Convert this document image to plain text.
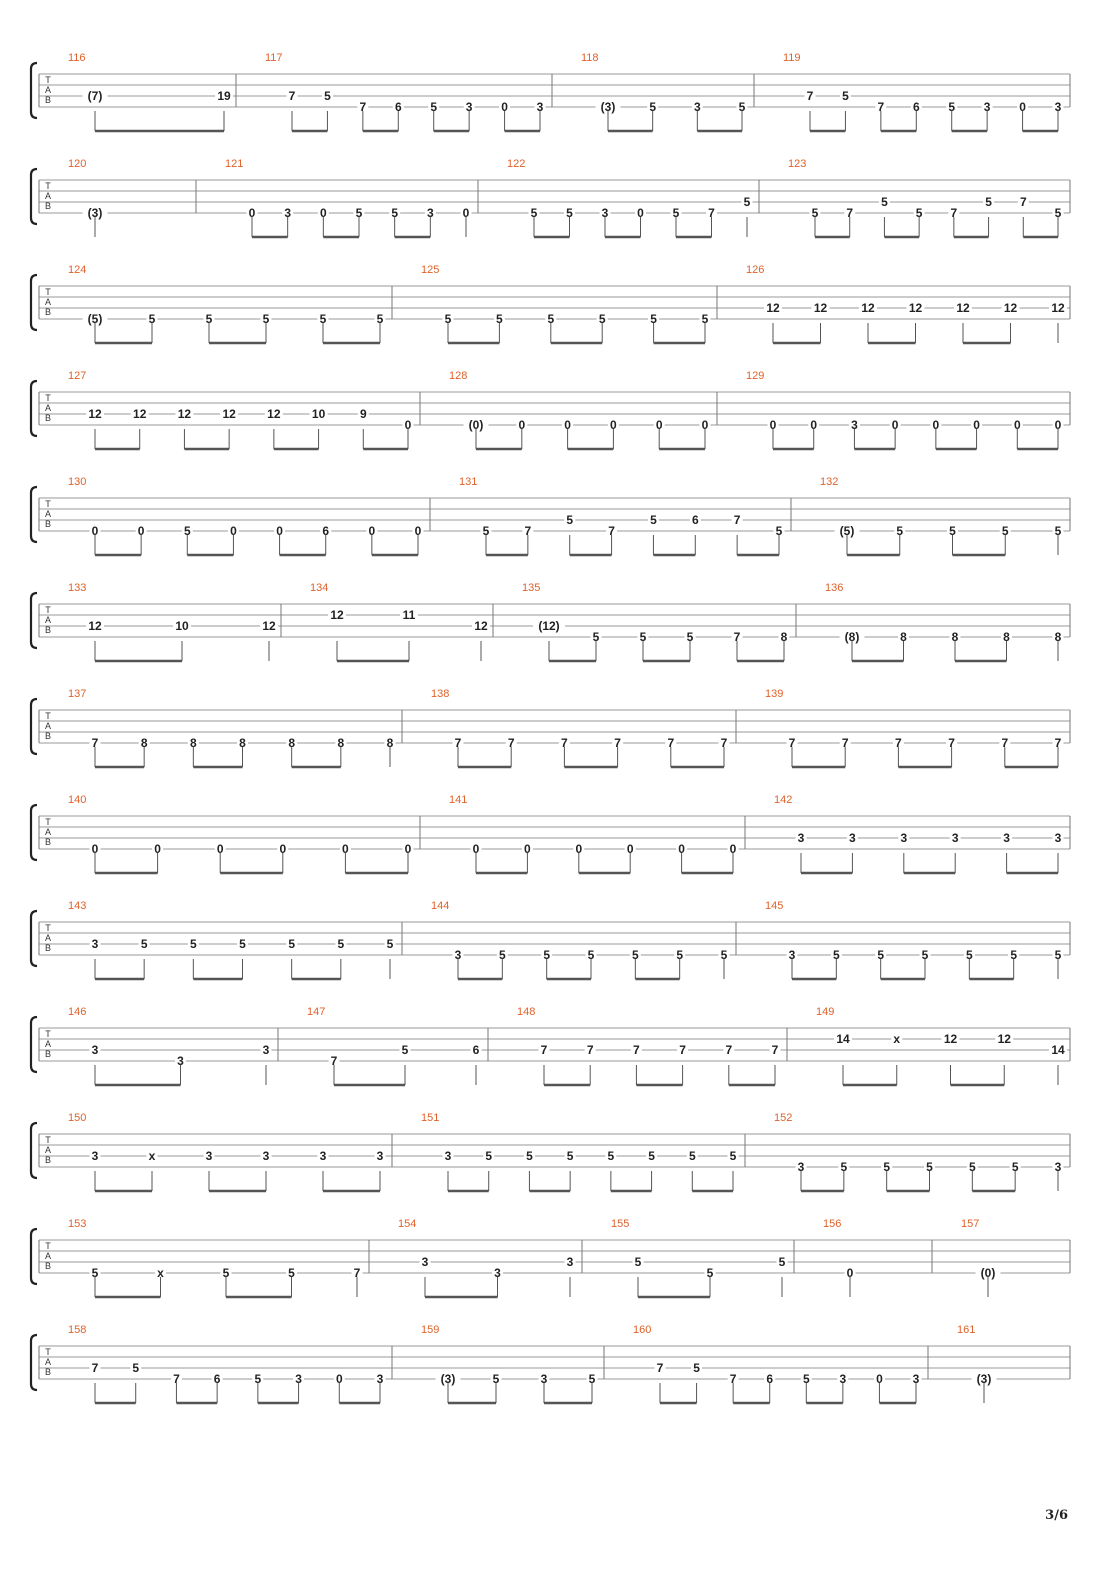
T
A
B
116
(7)	19
117
7 5
7 6 5 3 0 3
118
(3)	5	3	5
119
7 5
7 6 5 3 0 3
T
A
B
120
(3)
121
0 3 0 5 5 3 0
122
5 5 3 0 5 7
5
123
5 7
5
5 7
5 7
5
T
A
B
124
(5)	5	5	5	5	5
125
5	5	5	5	5	5
126
12	12	12	12	12	12	12
T
A
B
127
12	12	12	12	12	10	9
0
128
(0)	0	0	0	0	0
129
0	0	3	0	0	0	0	0
T
A
B
130
0	0	5	0	0	6	0	0
131
5	7
5
7
5	6	7
5
132
(5)	5	5	5	5
T
A
B
133
12	10	12
134
12	11
12
135
(12)
5	5	5	7	8
136
(8)	8	8	8	8
T
A
B
137
7	8	8	8	8	8	8
138
7	7	7	7	7	7
139
7	7	7	7	7	7
T
A
B
140
0	0	0	0	0	0
141
0	0	0	0	0	0
142
3	3	3	3	3	3
T
A
B
143
3	5	5	5	5	5	5
144
3	5	5	5	5	5	5
145
3	5	5	5	5	5	5
T
A
B
146
3
3
3
147
7
5	6
148
7	7	7	7	7	7
149
14	x	12	12
14
T
A
B
150
3	x	3	3	3	3
151
3	5	5	5	5	5	5	5
152
3	5	5	5	5	5	3
T
A
B
153
5	x	5	5	7
154
3
3
3
155
5
5
5
156
0
157
(0)
T
A
B
158
7	5
7	6	5	3	0	3
159
(3)	5	3	5
160
7 5
7 6 5 3 0 3
161
(3)
3/6
